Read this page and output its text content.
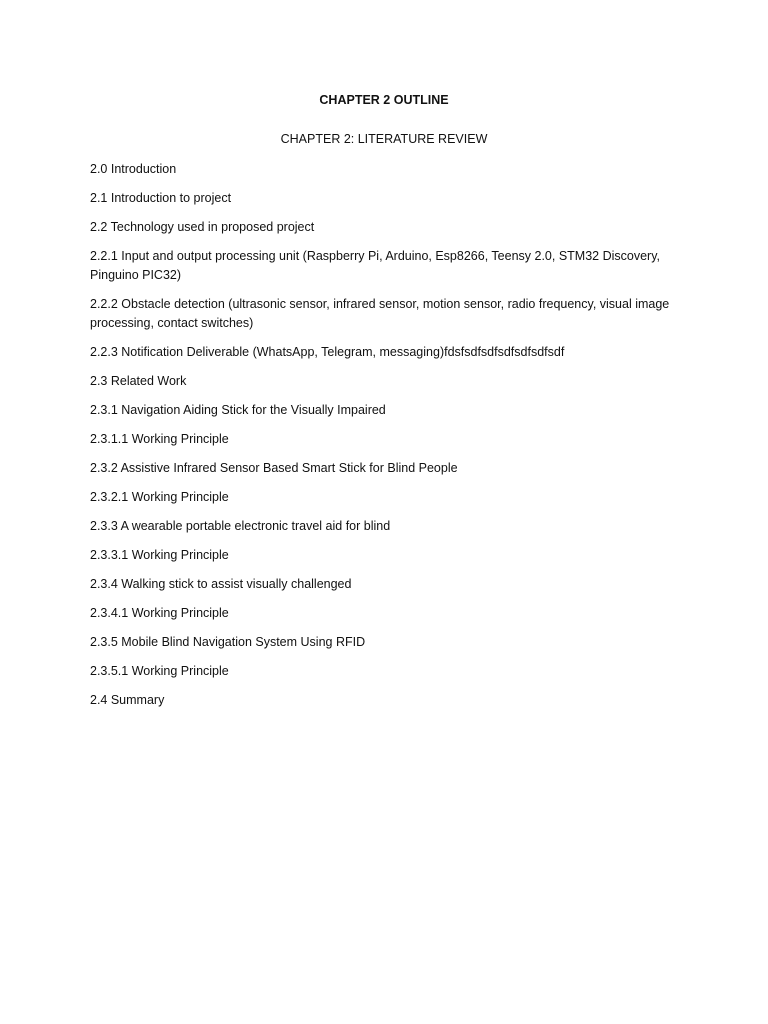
CHAPTER 2 OUTLINE
CHAPTER 2: LITERATURE REVIEW
2.0 Introduction
2.1 Introduction to project
2.2 Technology used in proposed project
2.2.1 Input and output processing unit (Raspberry Pi, Arduino, Esp8266, Teensy 2.0, STM32 Discovery, Pinguino PIC32)
2.2.2 Obstacle detection (ultrasonic sensor, infrared sensor, motion sensor, radio frequency, visual image processing, contact switches)
2.2.3 Notification Deliverable (WhatsApp, Telegram, messaging)fdsfsdfsdfsdfsdfsdfsdf
2.3 Related Work
2.3.1 Navigation Aiding Stick for the Visually Impaired
2.3.1.1 Working Principle
2.3.2 Assistive Infrared Sensor Based Smart Stick for Blind People
2.3.2.1 Working Principle
2.3.3 A wearable portable electronic travel aid for blind
2.3.3.1 Working Principle
2.3.4 Walking stick to assist visually challenged
2.3.4.1 Working Principle
2.3.5 Mobile Blind Navigation System Using RFID
2.3.5.1 Working Principle
2.4 Summary
